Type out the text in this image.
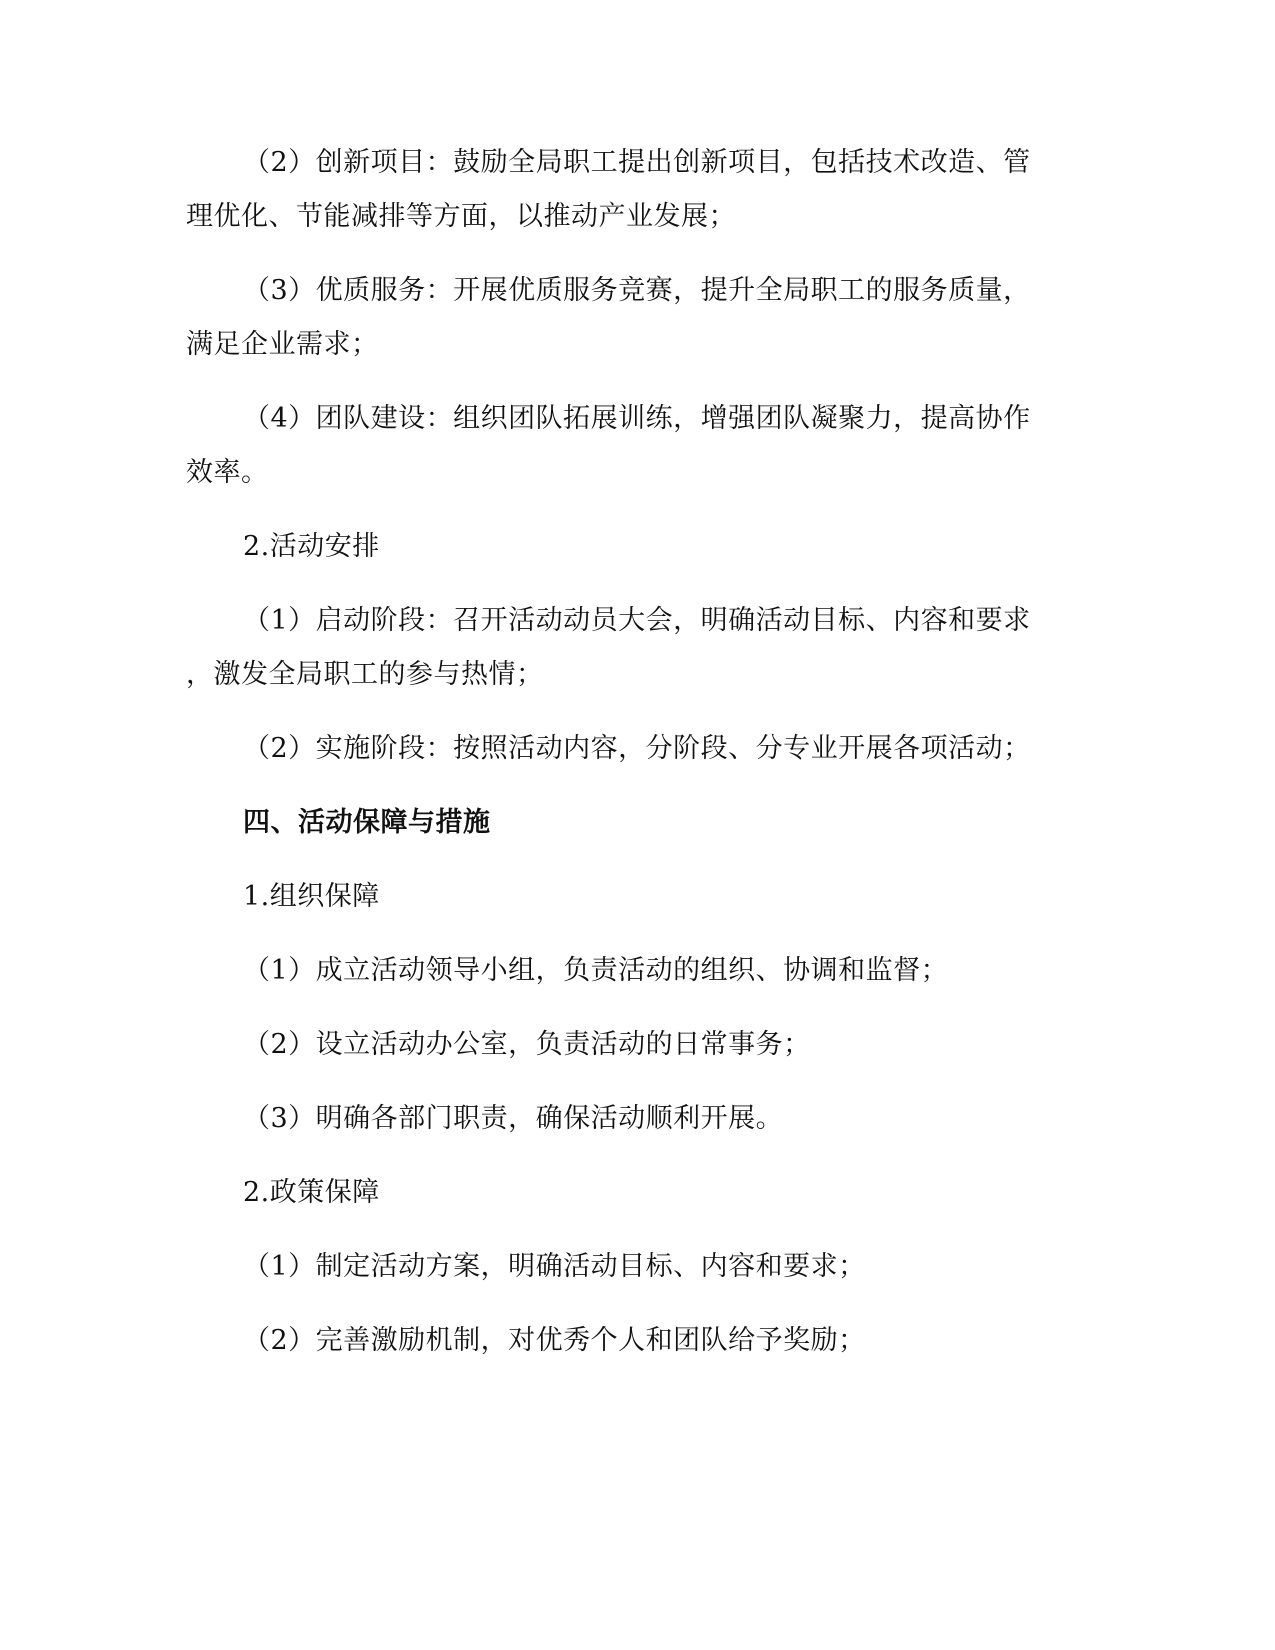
（2）创新项目：鼓励全局职工提出创新项目，包括技术改造、管
理优化、节能减排等方面，以推动产业发展；
（3）优质服务：开展优质服务竞赛，提升全局职工的服务质量，
满足企业需求；
（4）团队建设：组织团队拓展训练，增强团队凝聚力，提高协作
效率。
2.活动安排
（1）启动阶段：召开活动动员大会，明确活动目标、内容和要求
，激发全局职工的参与热情；
（2）实施阶段：按照活动内容，分阶段、分专业开展各项活动；
四、活动保障与措施
1.组织保障
（1）成立活动领导小组，负责活动的组织、协调和监督；
（2）设立活动办公室，负责活动的日常事务；
（3）明确各部门职责，确保活动顺利开展。
2.政策保障
（1）制定活动方案，明确活动目标、内容和要求；
（2）完善激励机制，对优秀个人和团队给予奖励；
